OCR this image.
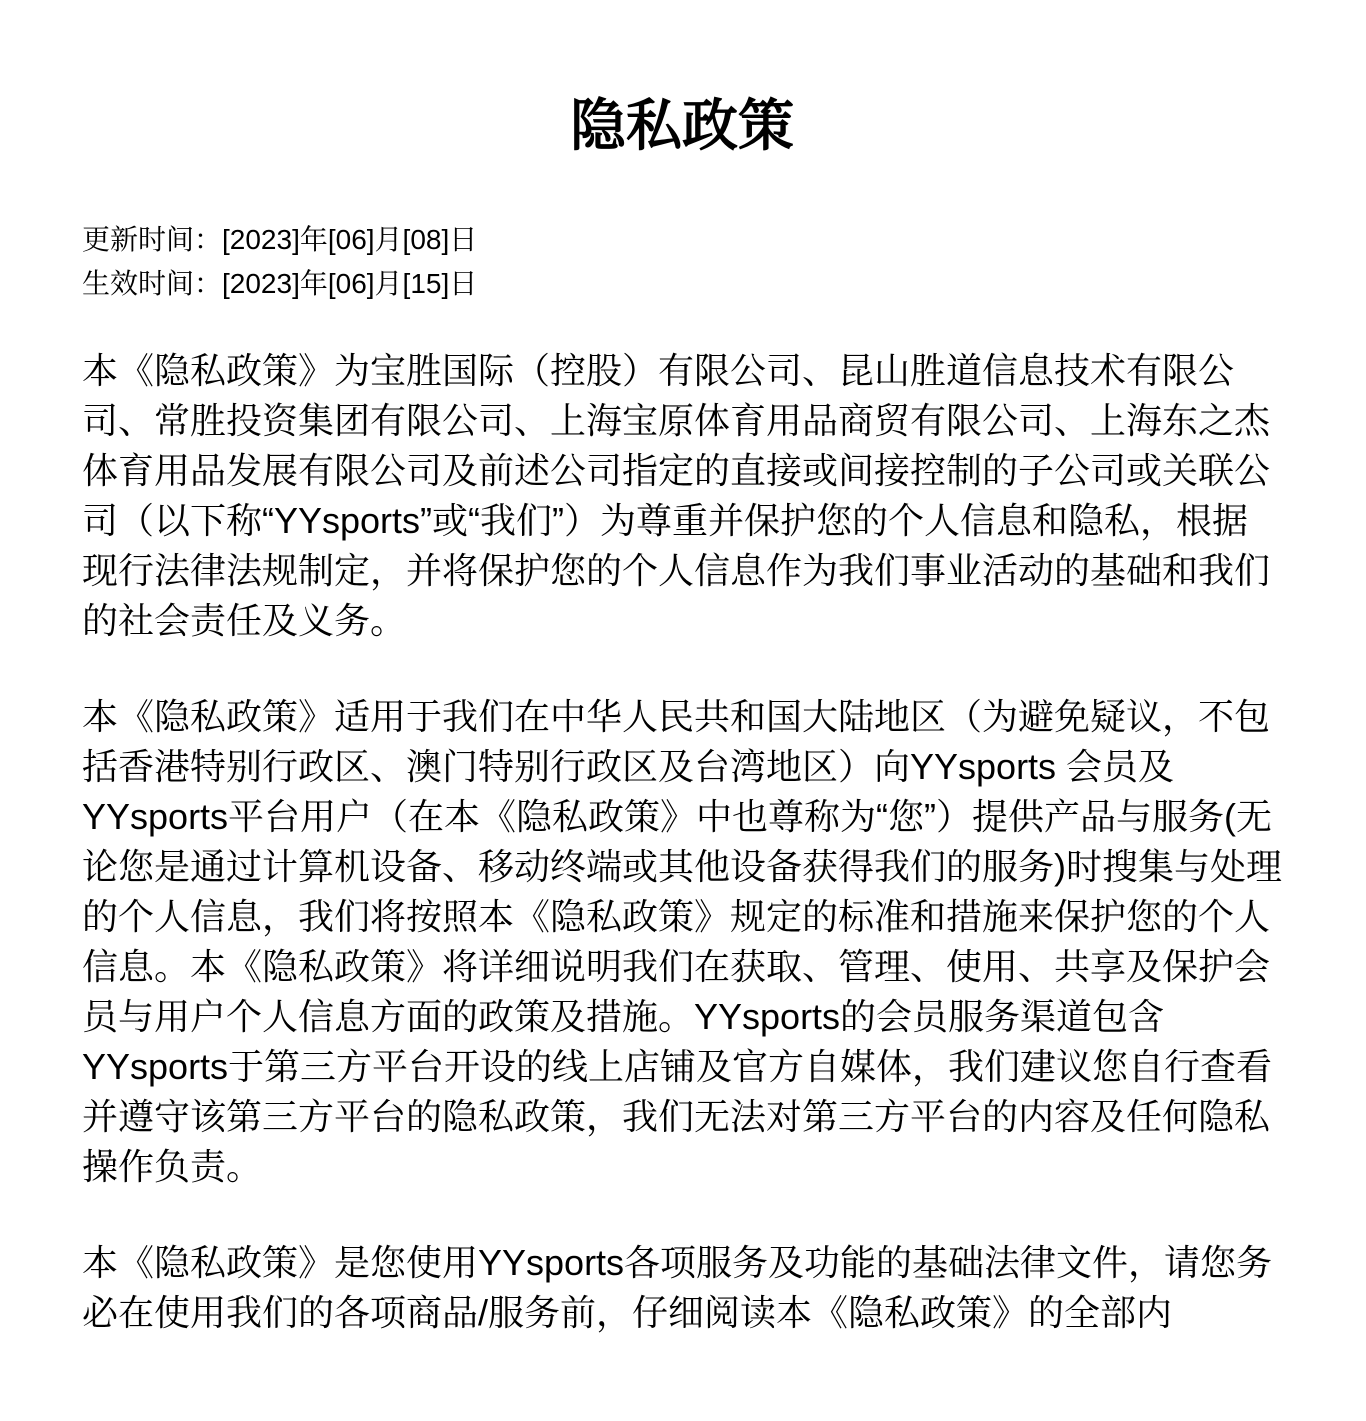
隐私政策
更新时间：[2023]年[06]月[08]日
生效时间：[2023]年[06]月[15]日

本《隐私政策》为宝胜国际（控股）有限公司、昆山胜道信息技术有限公司、常胜投资集团有限公司、上海宝原体育用品商贸有限公司、上海东之杰体育用品发展有限公司及前述公司指定的直接或间接控制的子公司或关联公司（以下称“YYsports”或“我们”）为尊重并保护您的个人信息和隐私，根据现行法律法规制定，并将保护您的个人信息作为我们事业活动的基础和我们的社会责任及义务。

本《隐私政策》适用于我们在中华人民共和国大陆地区（为避免疑议，不包括香港特别行政区、澳门特别行政区及台湾地区）向YYsports 会员及YYsports平台用户（在本《隐私政策》中也尊称为“您”）提供产品与服务(无论您是通过计算机设备、移动终端或其他设备获得我们的服务)时搜集与处理的个人信息，我们将按照本《隐私政策》规定的标准和措施来保护您的个人信息。本《隐私政策》将详细说明我们在获取、管理、使用、共享及保护会员与用户个人信息方面的政策及措施。YYsports的会员服务渠道包含YYsports于第三方平台开设的线上店铺及官方自媒体，我们建议您自行查看并遵守该第三方平台的隐私政策，我们无法对第三方平台的内容及任何隐私操作负责。

本《隐私政策》是您使用YYsports各项服务及功能的基础法律文件，请您务必在使用我们的各项商品/服务前，仔细阅读本《隐私政策》的全部内
